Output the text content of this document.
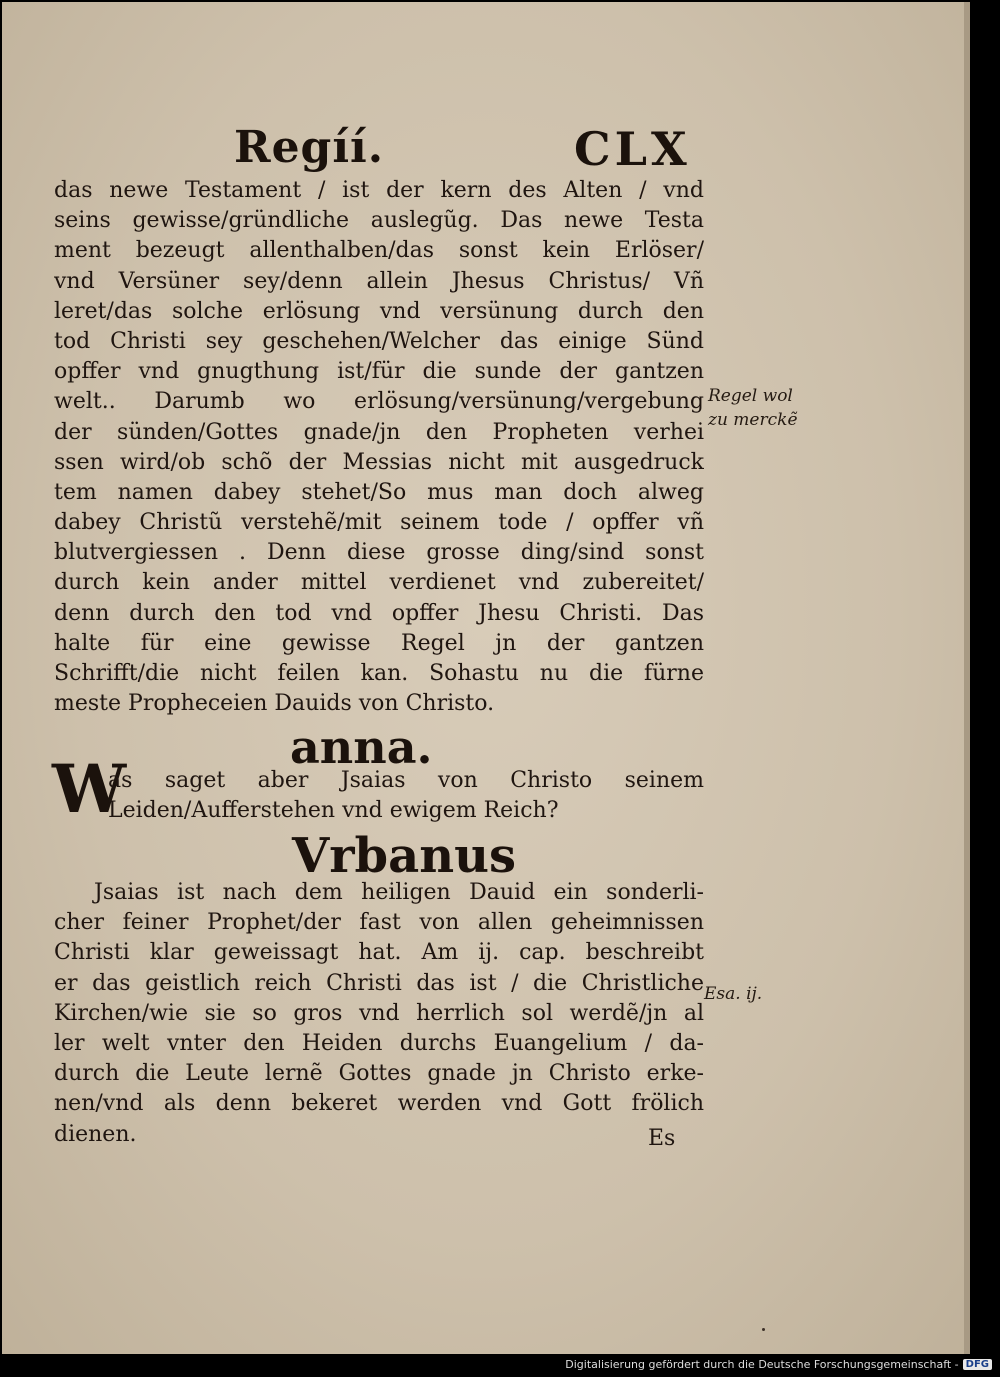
Regíí.	CLX
das newe Testament / ist der kern des Alten / vnd
seins gewisse/gründliche auslegũg. Das newe Testa
ment bezeugt allenthalben/das sonst kein Erlöser/
vnd Versüner sey/denn allein Jhesus Christus/ Vñ
leret/das solche erlösung vnd versünung durch den
tod Christi sey geschehen/Welcher das einige Sünd
opffer vnd gnugthung ist/für die sunde der gantzen
welt.. Darumb wo erlösung/versünung/vergebung
der sünden/Gottes gnade/jn den Propheten verhei
ssen wird/ob schõ der Messias nicht mit ausgedruck
tem namen dabey stehet/So mus man doch alweg
dabey Christũ verstehẽ/mit seinem tode / opffer vñ
blutvergiessen . Denn diese grosse ding/sind sonst
durch kein ander mittel verdienet vnd zubereitet/
denn durch den tod vnd opffer Jhesu Christi. Das
halte für eine gewisse Regel jn der gantzen
Schrifft/die nicht feilen kan. Sohastu nu die fürne
meste Propheceien Dauids von Christo.
anna.
W
as saget aber Jsaias von Christo seinem
Leiden/Aufferstehen vnd ewigem Reich?
Vrbanus
Jsaias ist nach dem heiligen Dauid ein sonderli-
cher feiner Prophet/der fast von allen geheimnissen
Christi klar geweissagt hat. Am ij. cap. beschreibt
er das geistlich reich Christi das ist / die Christliche
Kirchen/wie sie so gros vnd herrlich sol werdẽ/jn al
ler welt vnter den Heiden durchs Euangelium / da-
durch die Leute lernẽ Gottes gnade jn Christo erke-
nen/vnd als denn bekeret werden vnd Gott frölich
dienen.	Es
Regel wol
zu merckẽ
Esa. ij.
Digitalisierung gefördert durch die Deutsche Forschungsgemeinschaft - DFG
